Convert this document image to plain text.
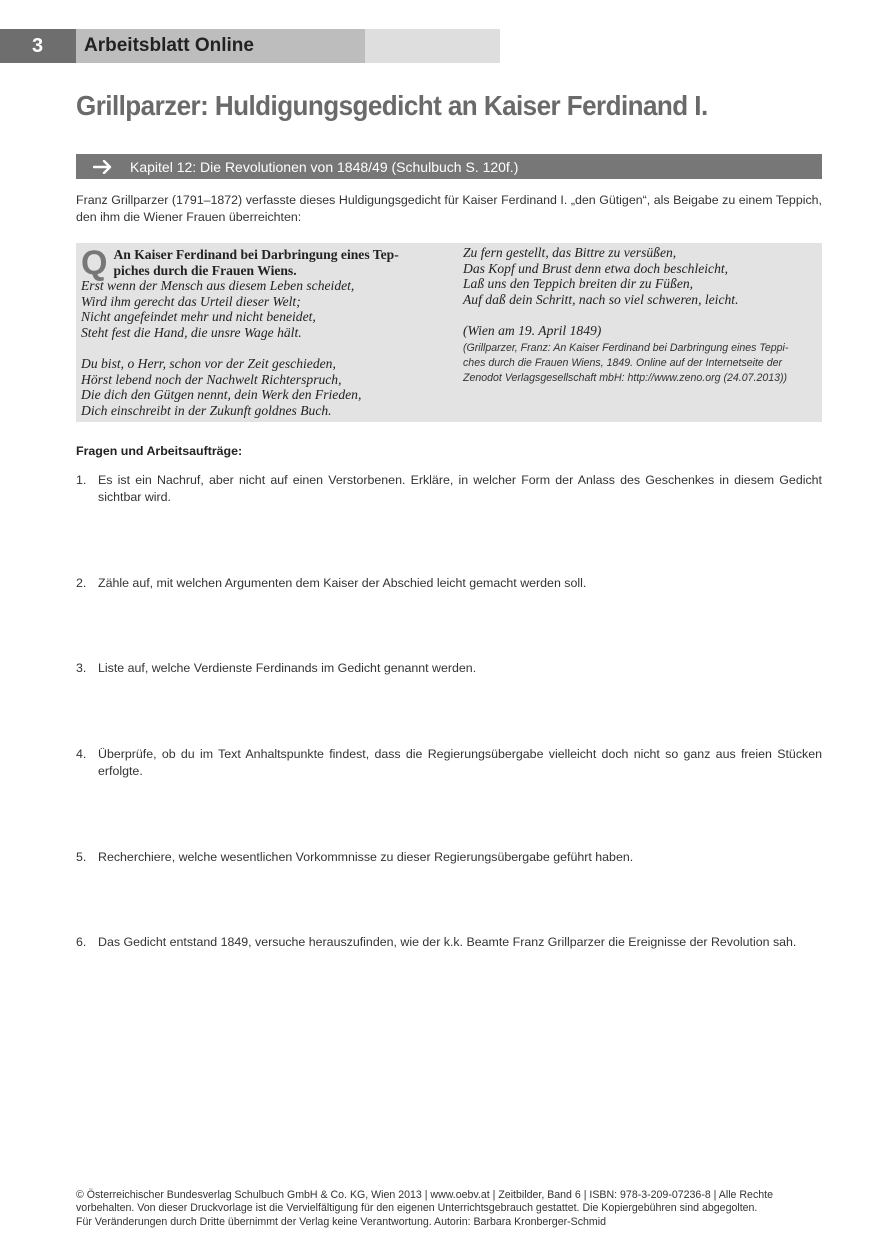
3	Arbeitsblatt Online
Grillparzer: Huldigungsgedicht an Kaiser Ferdinand I.
Kapitel 12: Die Revolutionen von 1848/49 (Schulbuch S. 120f.)

Franz Grillparzer (1791–1872) verfasste dieses Huldigungsgedicht für Kaiser Ferdinand I. „den Gütigen“, als Beigabe zu einem Teppich, den ihm die Wiener Frauen überreichten:

Q An Kaiser Ferdinand bei Darbringung eines Tep-
piches durch die Frauen Wiens.

Erst wenn der Mensch aus diesem Leben scheidet,
Wird ihm gerecht das Urteil dieser Welt;
Nicht angefeindet mehr und nicht beneidet,
Steht fest die Hand, die unsre Wage hält.
Du bist, o Herr, schon vor der Zeit geschieden,
Hörst lebend noch der Nachwelt Richterspruch,
Die dich den Gütgen nennt, dein Werk den Frieden,
Dich einschreibt in der Zukunft goldnes Buch.
Zu fern gestellt, das Bittre zu versüßen,
Das Kopf und Brust denn etwa doch beschleicht,
Laß uns den Teppich breiten dir zu Füßen,
Auf daß dein Schritt, nach so viel schweren, leicht.
(Wien am 19. April 1849)
(Grillparzer, Franz: An Kaiser Ferdinand bei Darbringung eines Teppi-
ches durch die Frauen Wiens, 1849. Online auf der Internetseite der
Zenodot Verlagsgesellschaft mbH: http://www.zeno.org (24.07.2013))

Fragen und Arbeitsaufträge:

1. Es ist ein Nachruf, aber nicht auf einen Verstorbenen. Erkläre, in welcher Form der Anlass des Geschenkes in diesem Gedicht sichtbar wird.
2. Zähle auf, mit welchen Argumenten dem Kaiser der Abschied leicht gemacht werden soll.
3. Liste auf, welche Verdienste Ferdinands im Gedicht genannt werden.
4. Überprüfe, ob du im Text Anhaltspunkte findest, dass die Regierungsübergabe vielleicht doch nicht so ganz aus freien Stücken erfolgte.
5. Recherchiere, welche wesentlichen Vorkommnisse zu dieser Regierungsübergabe geführt haben.
6. Das Gedicht entstand 1849, versuche herauszufinden, wie der k.k. Beamte Franz Grillparzer die Ereignisse der Revolution sah.
© Österreichischer Bundesverlag Schulbuch GmbH & Co. KG, Wien 2013 | www.oebv.at | Zeitbilder, Band 6 | ISBN: 978-3-209-07236-8 | Alle Rechte
vorbehalten. Von dieser Druckvorlage ist die Vervielfältigung für den eigenen Unterrichtsgebrauch gestattet. Die Kopiergebühren sind abgegolten.
Für Veränderungen durch Dritte übernimmt der Verlag keine Verantwortung. Autorin: Barbara Kronberger-Schmid
